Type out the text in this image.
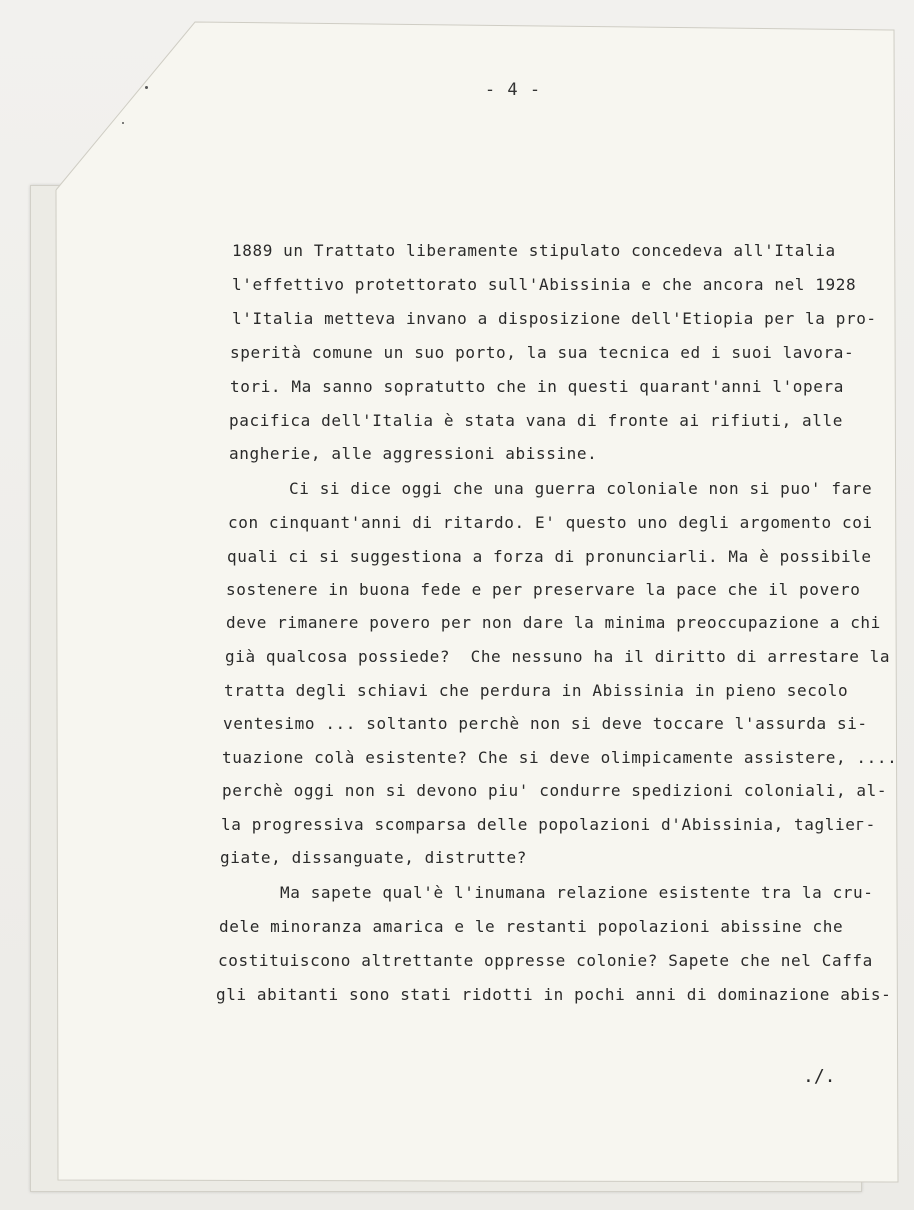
- 4 -
1889 un Trattato liberamente stipulato concedeva all'Italia
l'effettivo protettorato sull'Abissinia e che ancora nel 1928
l'Italia metteva invano a disposizione dell'Etiopia per la pro-
sperità comune un suo porto, la sua tecnica ed i suoi lavora-
tori. Ma sanno sopratutto che in questi quarant'anni l'opera
pacifica dell'Italia è stata vana di fronte ai rifiuti, alle
angherie, alle aggressioni abissine.
Ci si dice oggi che una guerra coloniale non si puo' fare
con cinquant'anni di ritardo. E' questo uno degli argomento coi
quali ci si suggestiona a forza di pronunciarli. Ma è possibile
sostenere in buona fede e per preservare la pace che il povero
deve rimanere povero per non dare la minima preoccupazione a chi
già qualcosa possiede?  Che nessuno ha il diritto di arrestare la
tratta degli schiavi che perdura in Abissinia in pieno secolo
ventesimo ... soltanto perchè non si deve toccare l'assurda si-
tuazione colà esistente? Che si deve olimpicamente assistere, ....
perchè oggi non si devono piu' condurre spedizioni coloniali, al-
la progressiva scomparsa delle popolazioni d'Abissinia, tagliег-
giate, dissanguate, distrutte?
Ma sapete qual'è l'inumana relazione esistente tra la cru-
dele minoranza amarica e le restanti popolazioni abissine che
costituiscono altrettante oppresse colonie? Sapete che nel Caffa
gli abitanti sono stati ridotti in pochi anni di dominazione abis-
./.
